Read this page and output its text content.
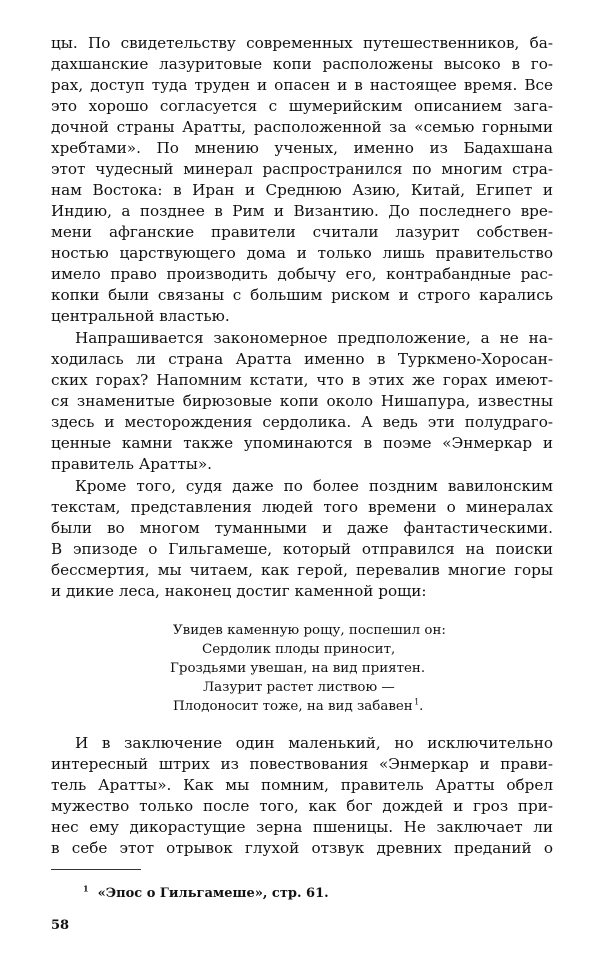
цы. По свидетельству современных путешественников, ба-
дахшанские лазуритовые копи расположены высоко в го-
рах, доступ туда труден и опасен и в настоящее время. Все
это хорошо согласуется с шумерийским описанием зага-
дочной страны Аратты, расположенной за «семью горными
хребтами». По мнению ученых, именно из Бадахшана
этот чудесный минерал распространился по многим стра-
нам Востока: в Иран и Среднюю Азию, Китай, Египет и
Индию, а позднее в Рим и Византию. До последнего вре-
мени афганские правители считали лазурит собствен-
ностью царствующего дома и только лишь правительство
имело право производить добычу его, контрабандные рас-
копки были связаны с большим риском и строго карались
центральной властью.
Напрашивается закономерное предположение, а не на-
ходилась ли страна Аратта именно в Туркмено-Хоросан-
ских горах? Напомним кстати, что в этих же горах имеют-
ся знаменитые бирюзовые копи около Нишапура, известны
здесь и месторождения сердолика. А ведь эти полудраго-
ценные камни также упоминаются в поэме «Энмеркар и
правитель Аратты».
Кроме того, судя даже по более поздним вавилонским
текстам, представления людей того времени о минералах
были во многом туманными и даже фантастическими.
В эпизоде о Гильгамеше, который отправился на поиски
бессмертия, мы читаем, как герой, перевалив многие горы
и дикие леса, наконец достиг каменной рощи:
Увидев каменную рощу, поспешил он:
Сердолик плоды приносит,
Гроздьями увешан, на вид приятен.
Лазурит растет листвою —
Плодоносит тоже, на вид забавен $^1$.
И в заключение один маленький, но исключительно
интересный штрих из повествования «Энмеркар и прави-
тель Аратты». Как мы помним, правитель Аратты обрел
мужество только после того, как бог дождей и гроз при-
нес ему дикорастущие зерна пшеницы. Не заключает ли
в себе этот отрывок глухой отзвук древних преданий о
$^1$ «Эпос о Гильгамеше», стр. 61.
58
